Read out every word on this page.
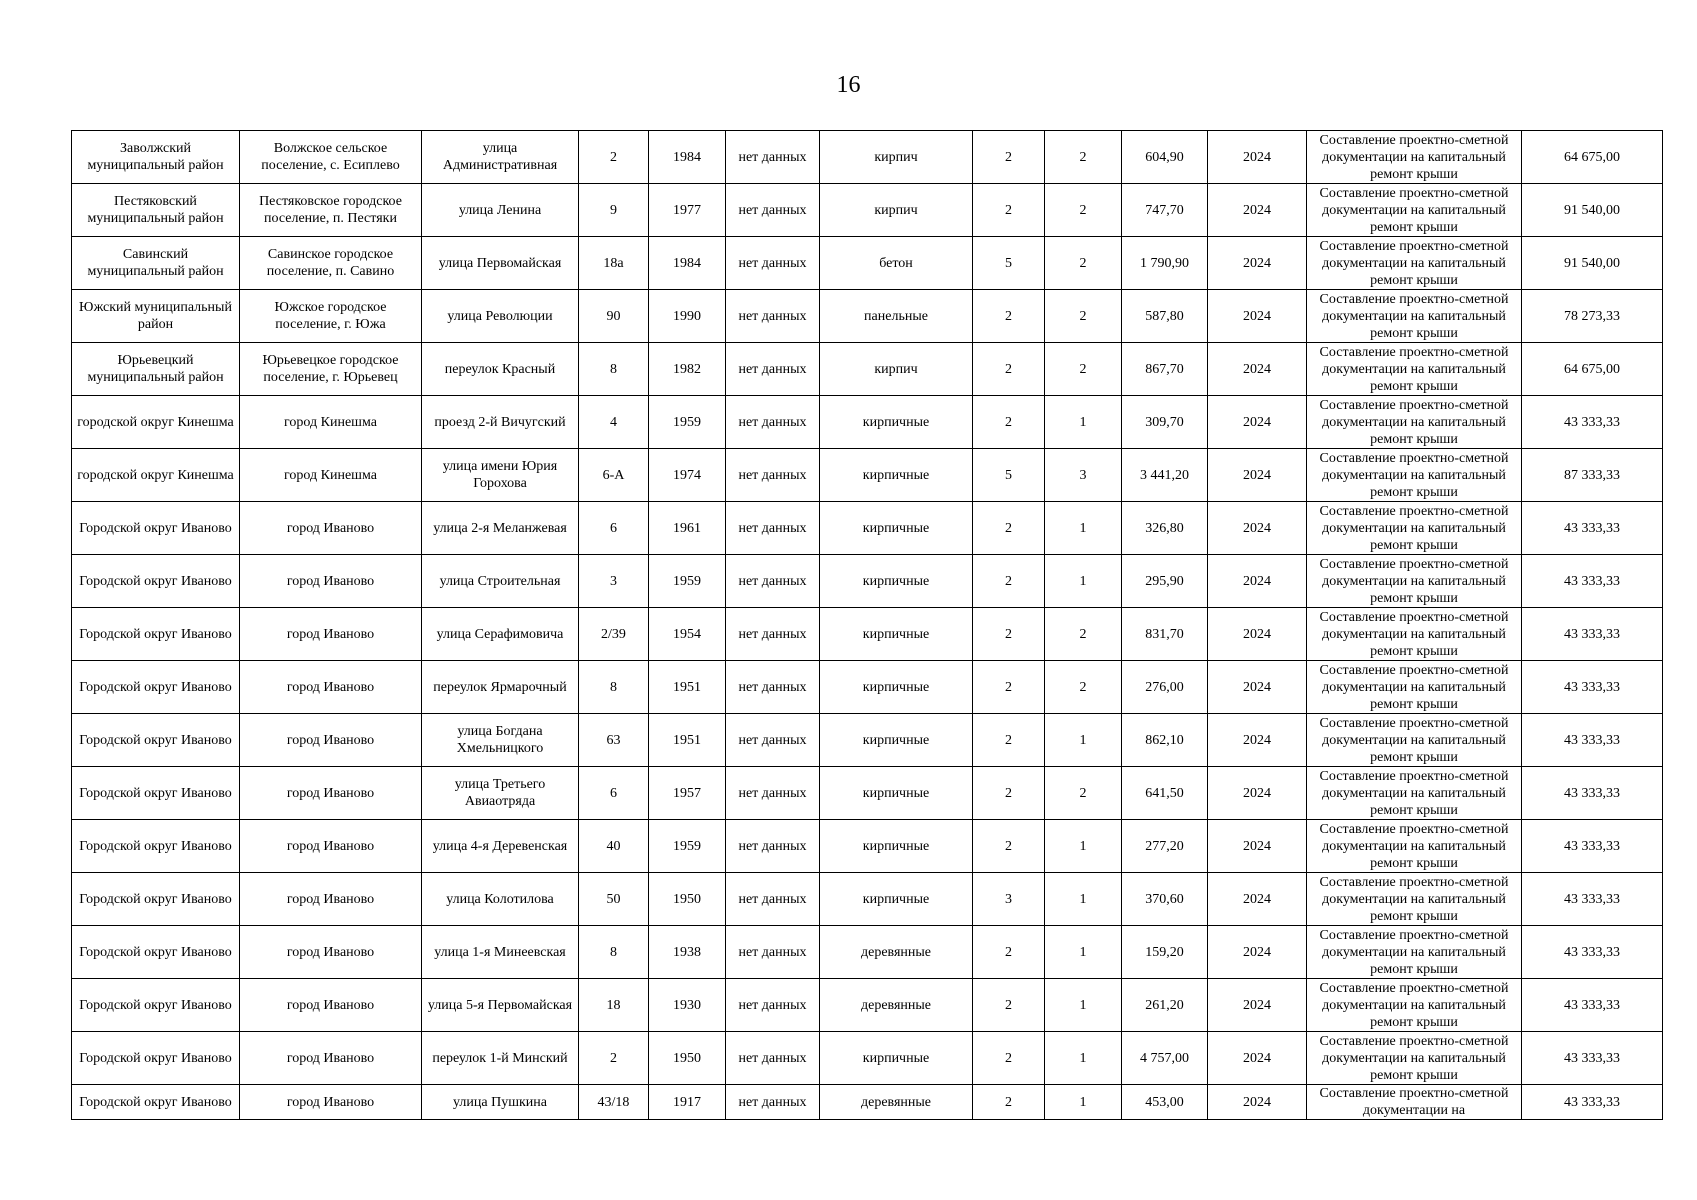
16
Заволжский муниципальный район	Волжское сельское поселение, с. Есиплево	улица Административная	2	1984	нет данных	кирпич	2	2	604,90	2024	Составление проектно-сметной документации на капитальный ремонт крыши	64 675,00

Пестяковский муниципальный район	Пестяковское городское поселение, п. Пестяки	улица Ленина	9	1977	нет данных	кирпич	2	2	747,70	2024	Составление проектно-сметной документации на капитальный ремонт крыши	91 540,00

Савинский муниципальный район	Савинское городское поселение, п. Савино	улица Первомайская	18а	1984	нет данных	бетон	5	2	1 790,90	2024	Составление проектно-сметной документации на капитальный ремонт крыши	91 540,00

Южский муниципальный район	Южское городское поселение, г. Южа	улица Революции	90	1990	нет данных	панельные	2	2	587,80	2024	Составление проектно-сметной документации на капитальный ремонт крыши	78 273,33

Юрьевецкий муниципальный район	Юрьевецкое городское поселение, г. Юрьевец	переулок Красный	8	1982	нет данных	кирпич	2	2	867,70	2024	Составление проектно-сметной документации на капитальный ремонт крыши	64 675,00

городской округ Кинешма	город Кинешма	проезд 2-й Вичугский	4	1959	нет данных	кирпичные	2	1	309,70	2024	Составление проектно-сметной документации на капитальный ремонт крыши	43 333,33

городской округ Кинешма	город Кинешма	улица имени Юрия Горохова	6-А	1974	нет данных	кирпичные	5	3	3 441,20	2024	Составление проектно-сметной документации на капитальный ремонт крыши	87 333,33

Городской округ Иваново	город Иваново	улица 2-я Меланжевая	6	1961	нет данных	кирпичные	2	1	326,80	2024	Составление проектно-сметной документации на капитальный ремонт крыши	43 333,33

Городской округ Иваново	город Иваново	улица Строительная	3	1959	нет данных	кирпичные	2	1	295,90	2024	Составление проектно-сметной документации на капитальный ремонт крыши	43 333,33

Городской округ Иваново	город Иваново	улица Серафимовича	2/39	1954	нет данных	кирпичные	2	2	831,70	2024	Составление проектно-сметной документации на капитальный ремонт крыши	43 333,33

Городской округ Иваново	город Иваново	переулок Ярмарочный	8	1951	нет данных	кирпичные	2	2	276,00	2024	Составление проектно-сметной документации на капитальный ремонт крыши	43 333,33

Городской округ Иваново	город Иваново	улица Богдана Хмельницкого	63	1951	нет данных	кирпичные	2	1	862,10	2024	Составление проектно-сметной документации на капитальный ремонт крыши	43 333,33

Городской округ Иваново	город Иваново	улица Третьего Авиаотряда	6	1957	нет данных	кирпичные	2	2	641,50	2024	Составление проектно-сметной документации на капитальный ремонт крыши	43 333,33

Городской округ Иваново	город Иваново	улица 4-я Деревенская	40	1959	нет данных	кирпичные	2	1	277,20	2024	Составление проектно-сметной документации на капитальный ремонт крыши	43 333,33

Городской округ Иваново	город Иваново	улица Колотилова	50	1950	нет данных	кирпичные	3	1	370,60	2024	Составление проектно-сметной документации на капитальный ремонт крыши	43 333,33

Городской округ Иваново	город Иваново	улица 1-я Минеевская	8	1938	нет данных	деревянные	2	1	159,20	2024	Составление проектно-сметной документации на капитальный ремонт крыши	43 333,33

Городской округ Иваново	город Иваново	улица 5-я Первомайская	18	1930	нет данных	деревянные	2	1	261,20	2024	Составление проектно-сметной документации на капитальный ремонт крыши	43 333,33

Городской округ Иваново	город Иваново	переулок 1-й Минский	2	1950	нет данных	кирпичные	2	1	4 757,00	2024	Составление проектно-сметной документации на капитальный ремонт крыши	43 333,33

Городской округ Иваново	город Иваново	улица Пушкина	43/18	1917	нет данных	деревянные	2	1	453,00	2024	Составление проектно-сметной документации на	43 333,33
